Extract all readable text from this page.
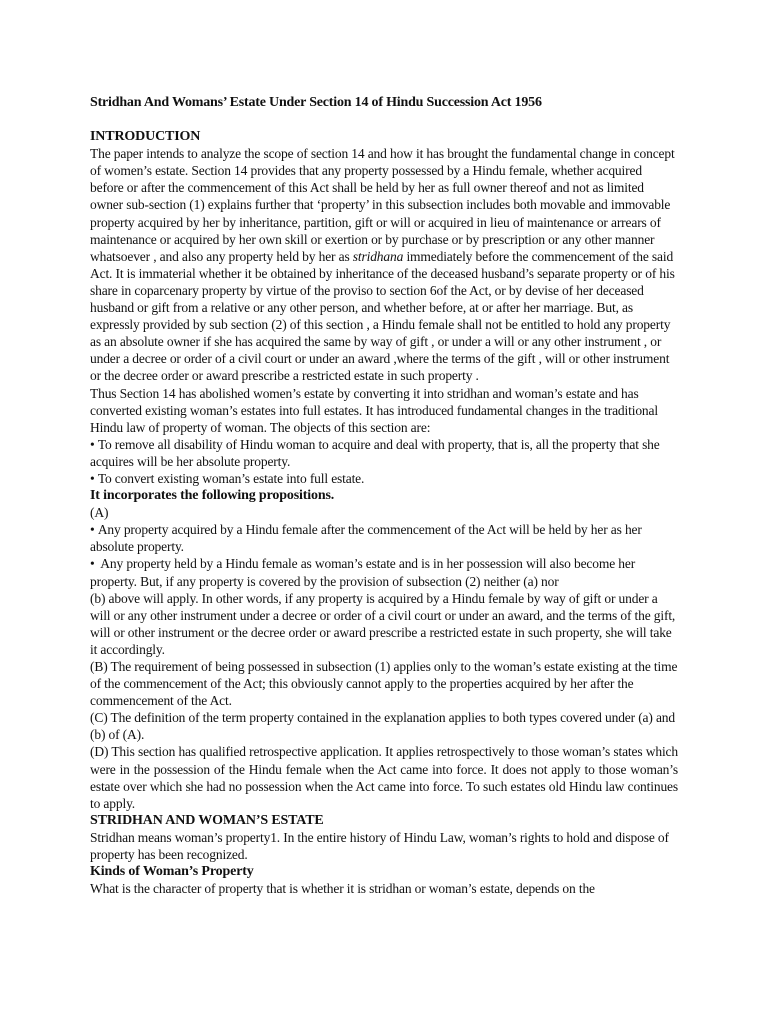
Stridhan And Womans’ Estate Under Section 14 of Hindu Succession Act 1956

INTRODUCTION

The paper intends to analyze the scope of section 14 and how it has brought the fundamental change in concept of women’s estate. Section 14 provides that any property possessed by a Hindu female, whether acquired before or after the commencement of this Act shall be held by her as full owner thereof and not as limited owner sub-section (1) explains further that ‘property’ in this subsection includes both movable and immovable property acquired by her by inheritance, partition, gift or will or acquired in lieu of maintenance or arrears of maintenance or acquired by her own skill or exertion or by purchase or by prescription or any other manner whatsoever , and also any property held by her as stridhana immediately before the commencement of the said Act. It is immaterial whether it be obtained by inheritance of the deceased husband’s separate property or of his share in coparcenary property by virtue of the proviso to section 6of the Act, or by devise of her deceased husband or gift from a relative or any other person, and whether before, at or after her marriage. But, as expressly provided by sub section (2) of this section , a Hindu female shall not be entitled to hold any property as an absolute owner if she has acquired the same by way of gift , or under a will or any other instrument , or under a decree or order of a civil court or under an award ,where the terms of the gift , will or other instrument or the decree order or award prescribe a restricted estate in such property .

Thus Section 14 has abolished women’s estate by converting it into stridhan and woman’s estate and has converted existing woman’s estates into full estates. It has introduced fundamental changes in the traditional Hindu law of property of woman. The objects of this section are:

• To remove all disability of Hindu woman to acquire and deal with property, that is, all the property that she acquires will be her absolute property.

• To convert existing woman’s estate into full estate.

It incorporates the following propositions.

(A)

• Any property acquired by a Hindu female after the commencement of the Act will be held by her as her absolute property.

•  Any property held by a Hindu female as woman’s estate and is in her possession will also become her property. But, if any property is covered by the provision of subsection (2) neither (a) nor

(b) above will apply. In other words, if any property is acquired by a Hindu female by way of gift or under a will or any other instrument under a decree or order of a civil court or under an award, and the terms of the gift, will or other instrument or the decree order or award prescribe a restricted estate in such property, she will take it accordingly.

(B) The requirement of being possessed in subsection (1) applies only to the woman’s estate existing at the time of the commencement of the Act; this obviously cannot apply to the properties acquired by her after the commencement of the Act.

(C) The definition of the term property contained in the explanation applies to both types covered under (a) and (b) of (A).

(D) This section has qualified retrospective application. It applies retrospectively to those woman’s states which were in the possession of the Hindu female when the Act came into force. It does not apply to those woman’s estate over which she had no possession when the Act came into force. To such estates old Hindu law continues to apply.

STRIDHAN AND WOMAN’S ESTATE

Stridhan means woman’s property1. In the entire history of Hindu Law, woman’s rights to hold and dispose of property has been recognized.

Kinds of Woman’s Property

What is the character of property that is whether it is stridhan or woman’s estate, depends on the
